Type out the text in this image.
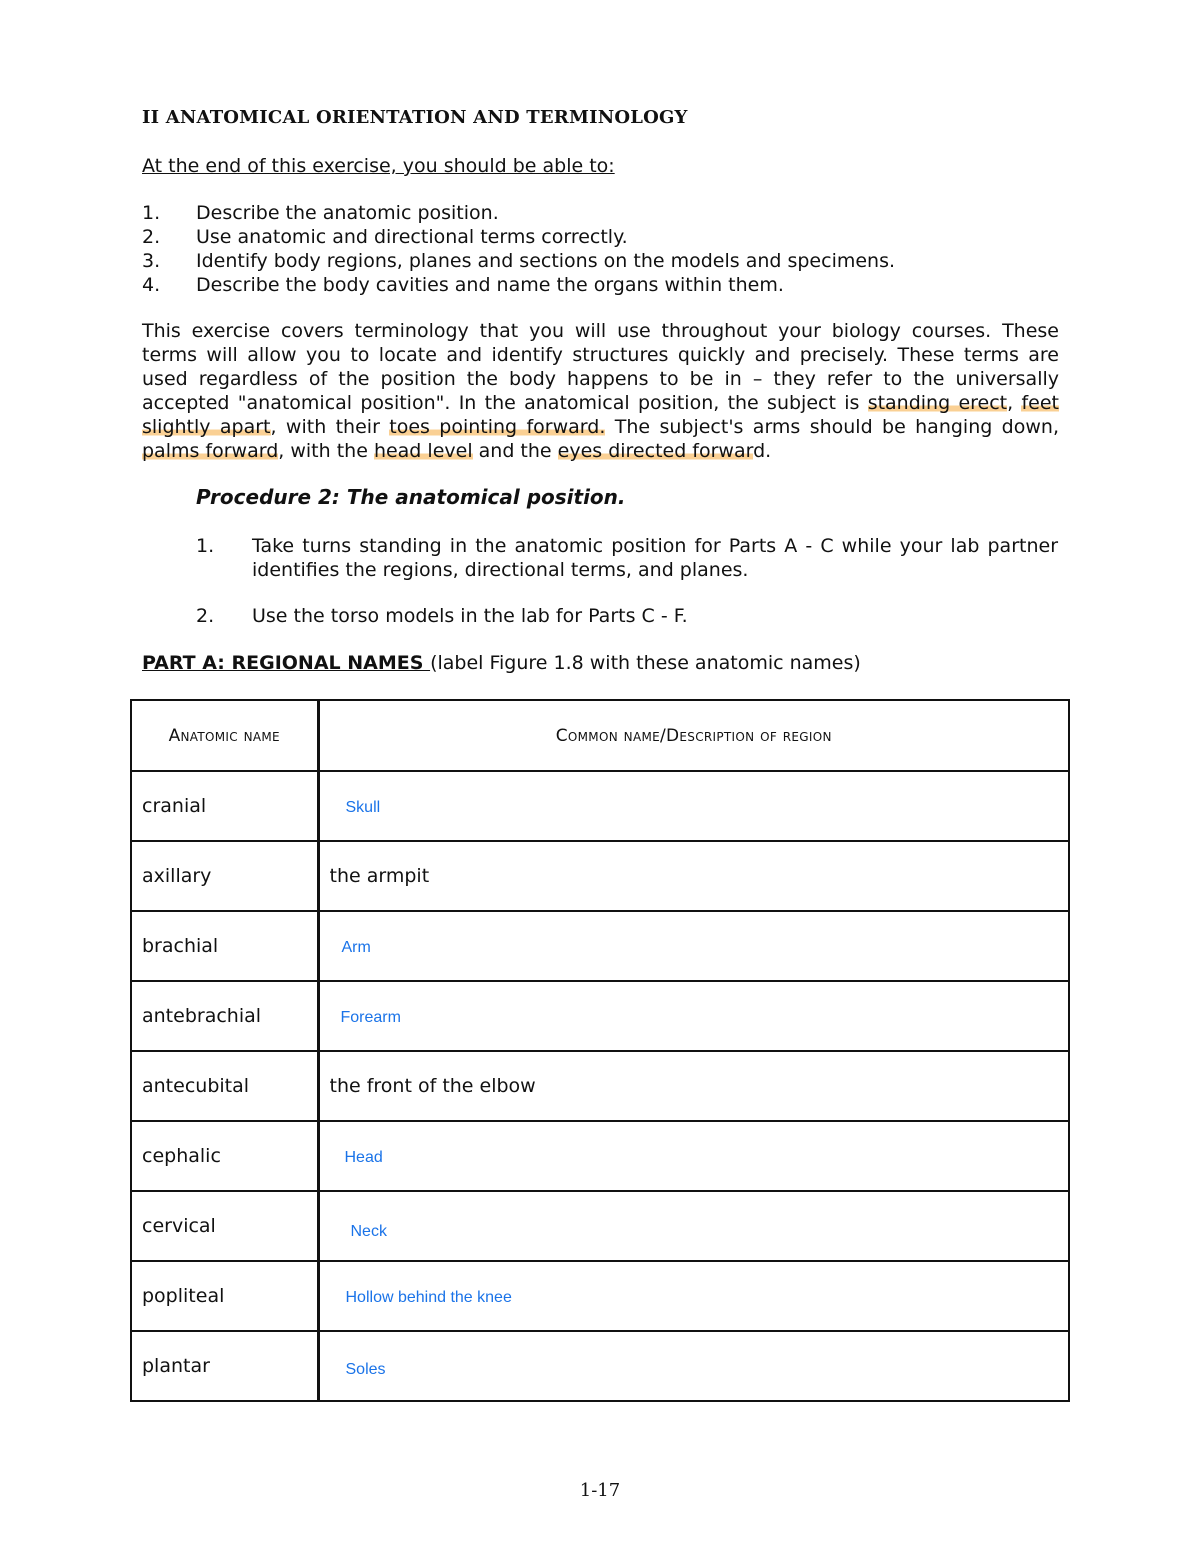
II ANATOMICAL ORIENTATION AND TERMINOLOGY
At the end of this exercise, you should be able to:
1.	Describe the anatomic position.
2.	Use anatomic and directional terms correctly.
3.	Identify body regions, planes and sections on the models and specimens.
4.	Describe the body cavities and name the organs within them.
This exercise covers terminology that you will use throughout your biology courses. These terms will allow you to locate and identify structures quickly and precisely. These terms are used regardless of the position the body happens to be in – they refer to the universally accepted "anatomical position". In the anatomical position, the subject is standing erect, feet slightly apart, with their toes pointing forward. The subject's arms should be hanging down, palms forward, with the head level and the eyes directed forward.
Procedure 2: The anatomical position.
1.	Take turns standing in the anatomic position for Parts A - C while your lab partner identifies the regions, directional terms, and planes.
2.	Use the torso models in the lab for Parts C - F.
PART A: REGIONAL NAMES (label Figure 1.8 with these anatomic names)
Anatomic name	Common name/Description of region
cranial	Skull
axillary	the armpit
brachial	Arm
antebrachial	Forearm
antecubital	the front of the elbow
cephalic	Head
cervical	Neck
popliteal	Hollow behind the knee
plantar	Soles
1-17
